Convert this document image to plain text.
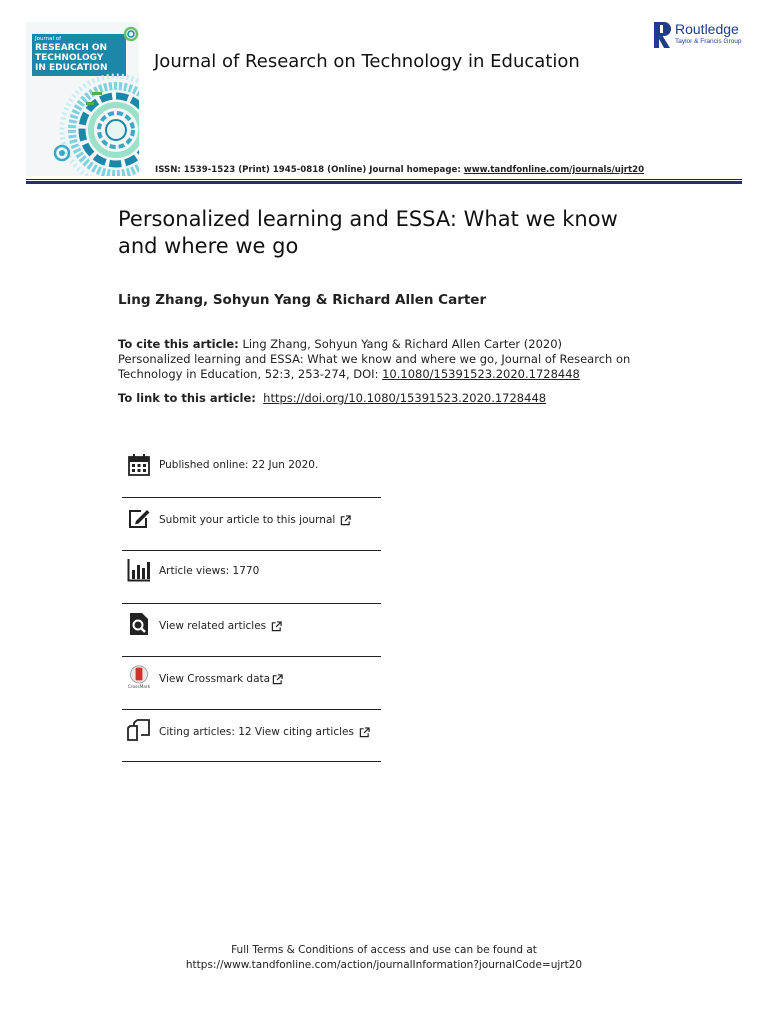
Journal of
RESEARCH ON
TECHNOLOGY
IN EDUCATION	Journal of Research on Technology in Education
Routledge
Taylor & Francis Group
ISSN: 1539-1523 (Print) 1945-0818 (Online) Journal homepage: www.tandfonline.com/journals/ujrt20
Personalized learning and ESSA: What we know and where we go
Ling Zhang, Sohyun Yang & Richard Allen Carter
To cite this article: Ling Zhang, Sohyun Yang & Richard Allen Carter (2020) Personalized learning and ESSA: What we know and where we go, Journal of Research on Technology in Education, 52:3, 253-274, DOI: 10.1080/15391523.2020.1728448
To link to this article: https://doi.org/10.1080/15391523.2020.1728448
Published online: 22 Jun 2020.
Submit your article to this journal
Article views: 1770
View related articles
CrossMark
View Crossmark data
Citing articles: 12 View citing articles
Full Terms & Conditions of access and use can be found at
https://www.tandfonline.com/action/journalInformation?journalCode=ujrt20
